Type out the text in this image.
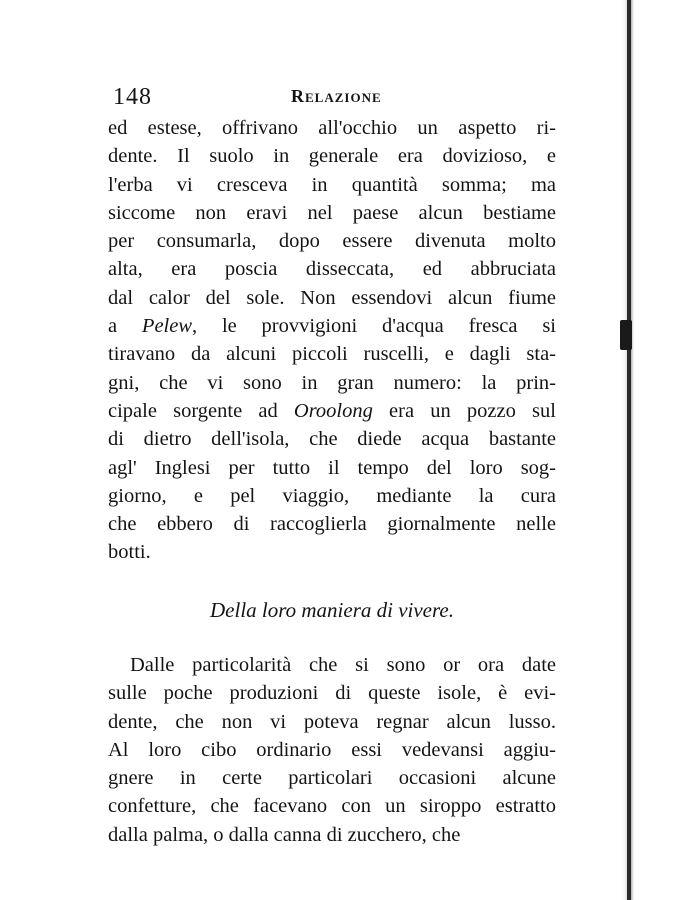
148	Relazione
ed estese, offrivano all'occhio un aspetto ri-
dente. Il suolo in generale era dovizioso, e
l'erba vi cresceva in quantità somma; ma
siccome non eravi nel paese alcun bestiame
per consumarla, dopo essere divenuta molto
alta, era poscia disseccata, ed abbruciata
dal calor del sole. Non essendovi alcun fiume
a Pelew, le provvigioni d'acqua fresca si
tiravano da alcuni piccoli ruscelli, e dagli sta-
gni, che vi sono in gran numero: la prin-
cipale sorgente ad Oroolong era un pozzo sul
di dietro dell'isola, che diede acqua bastante
agl' Inglesi per tutto il tempo del loro sog-
giorno, e pel viaggio, mediante la cura
che ebbero di raccoglierla giornalmente nelle
botti.
Della loro maniera di vivere.
Dalle particolarità che si sono or ora date
sulle poche produzioni di queste isole, è evi-
dente, che non vi poteva regnar alcun lusso.
Al loro cibo ordinario essi vedevansi aggiu-
gnere in certe particolari occasioni alcune
confetture, che facevano con un siroppo estratto
dalla palma, o dalla canna di zucchero, che
